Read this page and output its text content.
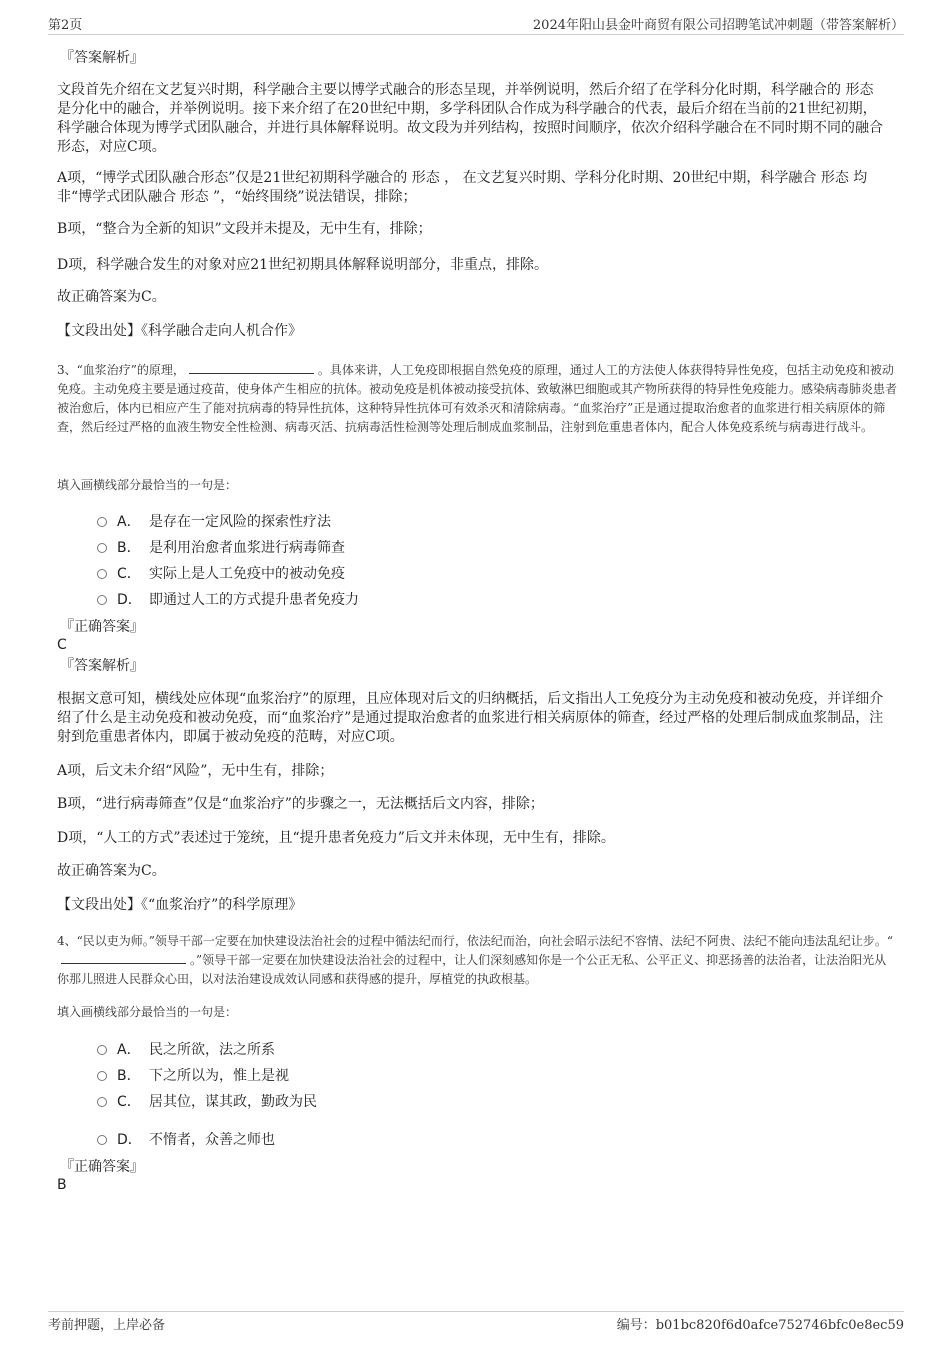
第2页	2024年阳山县金叶商贸有限公司招聘笔试冲刺题（带答案解析）
『答案解析』
文段首先介绍在文艺复兴时期，科学融合主要以博学式融合的形态呈现，并举例说明，然后介绍了在学科分化时期，科学融合的 形态 是分化中的融合，并举例说明。接下来介绍了在20世纪中期，多学科团队合作成为科学融合的代表，最后介绍在当前的21世纪初期，科学融合体现为博学式团队融合，并进行具体解释说明。故文段为并列结构，按照时间顺序，依次介绍科学融合在不同时期不同的融合形态，对应C项。
A项，“博学式团队融合形态”仅是21世纪初期科学融合的 形态 ， 在文艺复兴时期、学科分化时期、20世纪中期，科学融合 形态 均非“博学式团队融合 形态 ”，“始终围绕”说法错误，排除；
B项，“整合为全新的知识”文段并未提及，无中生有，排除；
D项，科学融合发生的对象对应21世纪初期具体解释说明部分，非重点，排除。
故正确答案为C。
【文段出处】《科学融合走向人机合作》
3、“血浆治疗”的原理，	。具体来讲，人工免疫即根据自然免疫的原理，通过人工的方法使人体获得特异性免疫，包括主动免疫和被动免疫。主动免疫主要是通过疫苗，使身体产生相应的抗体。被动免疫是机体被动接受抗体、致敏淋巴细胞或其产物所获得的特异性免疫能力。感染病毒肺炎患者被治愈后，体内已相应产生了能对抗病毒的特异性抗体，这种特异性抗体可有效杀灭和清除病毒。“血浆治疗”正是通过提取治愈者的血浆进行相关病原体的筛查，然后经过严格的血液生物安全性检测、病毒灭活、抗病毒活性检测等处理后制成血浆制品，注射到危重患者体内，配合人体免疫系统与病毒进行战斗。
填入画横线部分最恰当的一句是：
A． 是存在一定风险的探索性疗法
B． 是利用治愈者血浆进行病毒筛查
C． 实际上是人工免疫中的被动免疫
D． 即通过人工的方式提升患者免疫力
『正确答案』
C
『答案解析』
根据文意可知，横线处应体现“血浆治疗”的原理，且应体现对后文的归纳概括，后文指出人工免疫分为主动免疫和被动免疫，并详细介绍了什么是主动免疫和被动免疫，而“血浆治疗”是通过提取治愈者的血浆进行相关病原体的筛查，经过严格的处理后制成血浆制品，注射到危重患者体内，即属于被动免疫的范畴，对应C项。
A项，后文未介绍“风险”，无中生有，排除；
B项，“进行病毒筛查”仅是“血浆治疗”的步骤之一，无法概括后文内容，排除；
D项，“人工的方式”表述过于笼统，且“提升患者免疫力”后文并未体现，无中生有，排除。
故正确答案为C。
【文段出处】《“血浆治疗”的科学原理》
4、“民以吏为师。”领导干部一定要在加快建设法治社会的过程中循法纪而行，依法纪而治，向社会昭示法纪不容情、法纪不阿贵、法纪不能向违法乱纪让步。“。”领导干部一定要在加快建设法治社会的过程中，让人们深刻感知你是一个公正无私、公平正义、抑恶扬善的法治者，让法治阳光从你那儿照进人民群众心田，以对法治建设成效认同感和获得感的提升，厚植党的执政根基。
填入画横线部分最恰当的一句是：
A． 民之所欲，法之所系
B． 下之所以为，惟上是视
C． 居其位，谋其政，勤政为民
D． 不惰者，众善之师也
『正确答案』
B
考前押题，上岸必备	编号：b01bc820f6d0afce752746bfc0e8ec59
